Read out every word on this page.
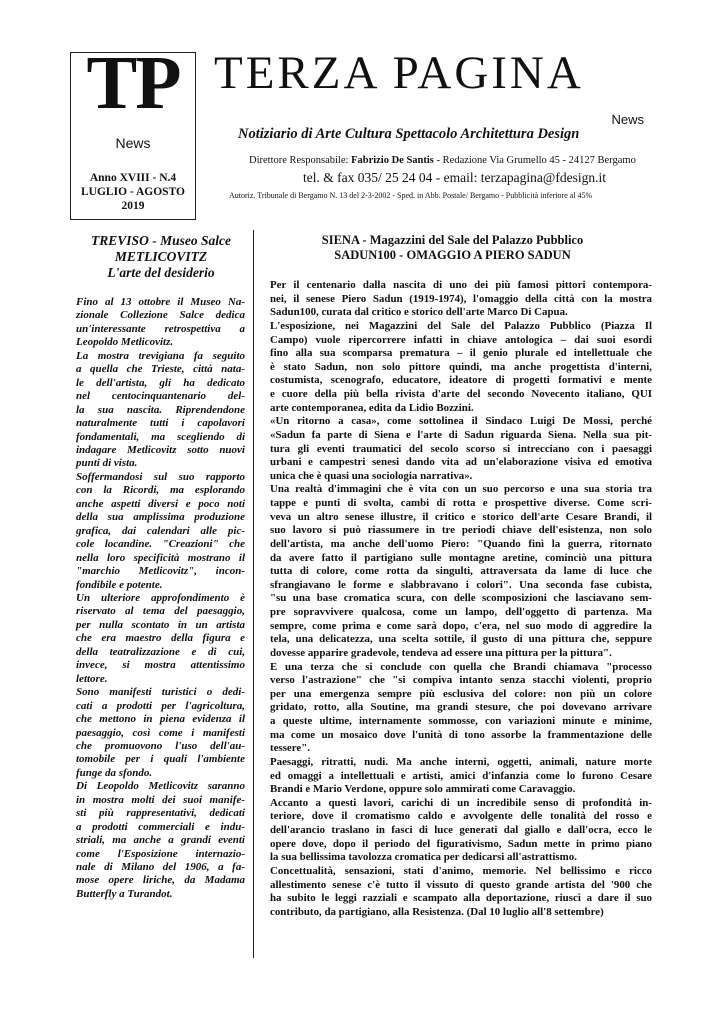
TP
News
Anno XVIII - N.4
LUGLIO - AGOSTO
2019
TERZA PAGINA
News
Notiziario di Arte Cultura Spettacolo Architettura Design
Direttore Responsabile: Fabrizio De Santis - Redazione Via Grumello 45 - 24127 Bergamo
tel. & fax 035/ 25 24 04 - email: terzapagina@fdesign.it
Autoriz. Tribunale di Bergamo N. 13 del 2-3-2002 - Sped. in Abb. Postale/ Bergamo - Pubblicità inferiore al 45%
TREVISO - Museo Salce
METLICOVITZ
L'arte del desiderio
Fino al 13 ottobre il Museo Na-
zionale Collezione Salce dedica
un'interessante retrospettiva a
Leopoldo Metlicovitz.
La mostra trevigiana fa seguito
a quella che Trieste, città nata-
le dell'artista, gli ha dedicato
nel centocinquantenario del-
la sua nascita. Riprendendone
naturalmente tutti i capolavori
fondamentali, ma scegliendo di
indagare Metlicovitz sotto nuovi
punti di vista.
Soffermandosi sul suo rapporto
con la Ricordi, ma esplorando
anche aspetti diversi e poco noti
della sua amplissima produzione
grafica, dai calendari alle pic-
cole locandine. "Creazioni" che
nella loro specificità mostrano il
"marchio Metlicovitz", incon-
fondibile e potente.
Un ulteriore approfondimento è
riservato al tema del paesaggio,
per nulla scontato in un artista
che era maestro della figura e
della teatralizzazione e di cui,
invece, si mostra attentissimo
lettore.
Sono manifesti turistici o dedi-
cati a prodotti per l'agricoltura,
che mettono in piena evidenza il
paesaggio, così come i manifesti
che promuovono l'uso dell'au-
tomobile per i quali l'ambiente
funge da sfondo.
Di Leopoldo Metlicovitz saranno
in mostra molti dei suoi manife-
sti più rappresentativi, dedicati
a prodotti commerciali e indu-
striali, ma anche a grandi eventi
come l'Esposizione internazio-
nale di Milano del 1906, a fa-
mose opere liriche, da Madama
Butterfly a Turandot.
SIENA - Magazzini del Sale del Palazzo Pubblico
SADUN100 - OMAGGIO A PIERO SADUN
Per il centenario dalla nascita di uno dei più famosi pittori contempora-
nei, il senese Piero Sadun (1919-1974), l'omaggio della città con la mostra
Sadun100, curata dal critico e storico dell'arte Marco Di Capua.
L'esposizione, nei Magazzini del Sale del Palazzo Pubblico (Piazza Il
Campo) vuole ripercorrere infatti in chiave antologica – dai suoi esordi
fino alla sua scomparsa prematura – il genio plurale ed intellettuale che
è stato Sadun, non solo pittore quindi, ma anche progettista d'interni,
costumista, scenografo, educatore, ideatore di progetti formativi e mente
e cuore della più bella rivista d'arte del secondo Novecento italiano, QUI
arte contemporanea, edita da Lidio Bozzini.
«Un ritorno a casa», come sottolinea il Sindaco Luigi De Mossi, perché
«Sadun fa parte di Siena e l'arte di Sadun riguarda Siena. Nella sua pit-
tura gli eventi traumatici del secolo scorso si intrecciano con i paesaggi
urbani e campestri senesi dando vita ad un'elaborazione visiva ed emotiva
unica che è quasi una sociologia narrativa».
Una realtà d'immagini che è vita con un suo percorso e una sua storia tra
tappe e punti di svolta, cambi di rotta e prospettive diverse. Come scri-
veva un altro senese illustre, il critico e storico dell'arte Cesare Brandi, il
suo lavoro si può riassumere in tre periodi chiave dell'esistenza, non solo
dell'artista, ma anche dell'uomo Piero: "Quando finì la guerra, ritornato
da avere fatto il partigiano sulle montagne aretine, cominciò una pittura
tutta di colore, come rotta da singulti, attraversata da lame di luce che
sfrangiavano le forme e slabbravano i colori". Una seconda fase cubista,
"su una base cromatica scura, con delle scomposizioni che lasciavano sem-
pre sopravvivere qualcosa, come un lampo, dell'oggetto di partenza. Ma
sempre, come prima e come sarà dopo, c'era, nel suo modo di aggredire la
tela, una delicatezza, una scelta sottile, il gusto di una pittura che, seppure
dovesse apparire gradevole, tendeva ad essere una pittura per la pittura".
E una terza che si conclude con quella che Brandi chiamava "processo
verso l'astrazione" che "si compiva intanto senza stacchi violenti, proprio
per una emergenza sempre più esclusiva del colore: non più un colore
gridato, rotto, alla Soutine, ma grandi stesure, che poi dovevano arrivare
a queste ultime, internamente sommosse, con variazioni minute e minime,
ma come un mosaico dove l'unità di tono assorbe la frammentazione delle
tessere".
Paesaggi, ritratti, nudi. Ma anche interni, oggetti, animali, nature morte
ed omaggi a intellettuali e artisti, amici d'infanzia come lo furono Cesare
Brandi e Mario Verdone, oppure solo ammirati come Caravaggio.
Accanto a questi lavori, carichi di un incredibile senso di profondità in-
teriore, dove il cromatismo caldo e avvolgente delle tonalità del rosso e
dell'arancio traslano in fasci di luce generati dal giallo e dall'ocra, ecco le
opere dove, dopo il periodo del figurativismo, Sadun mette in primo piano
la sua bellissima tavolozza cromatica per dedicarsi all'astrattismo.
Concettualità, sensazioni, stati d'animo, memorie. Nel bellissimo e ricco
allestimento senese c'è tutto il vissuto di questo grande artista del '900 che
ha subito le leggi razziali e scampato alla deportazione, riuscì a dare il suo
contributo, da partigiano, alla Resistenza. (Dal 10 luglio all'8 settembre)
